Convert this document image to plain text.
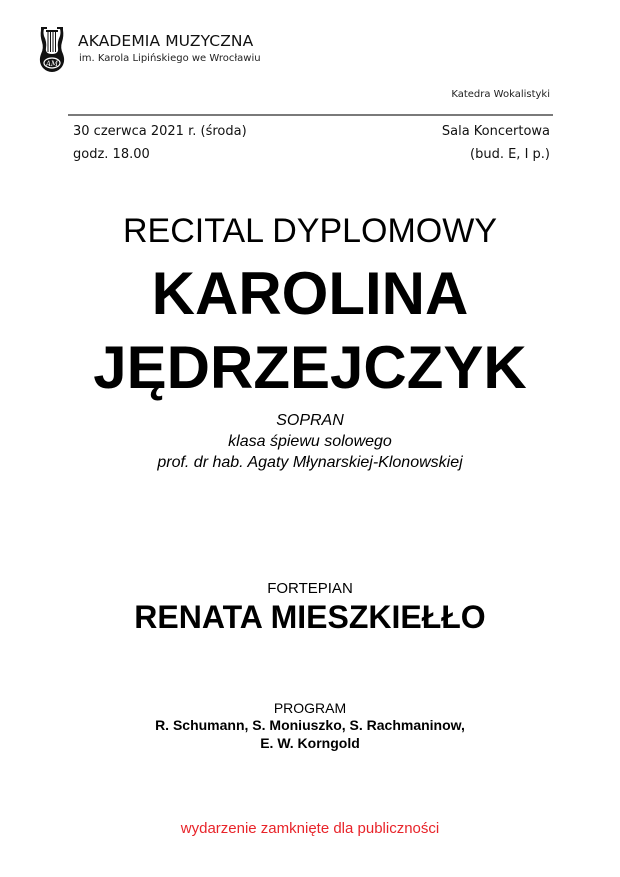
AM
AKADEMIA MUZYCZNA
im. Karola Lipińskiego we Wrocławiu
Katedra Wokalistyki
30 czerwca 2021 r. (środa)
godz. 18.00
Sala Koncertowa
(bud. E, I p.)
RECITAL DYPLOMOWY
KAROLINA
JĘDRZEJCZYK
SOPRAN
klasa śpiewu solowego
prof. dr hab. Agaty Młynarskiej-Klonowskiej
FORTEPIAN
RENATA MIESZKIEŁŁO
PROGRAM
R. Schumann, S. Moniuszko, S. Rachmaninow,
E. W. Korngold
wydarzenie zamknięte dla publiczności
